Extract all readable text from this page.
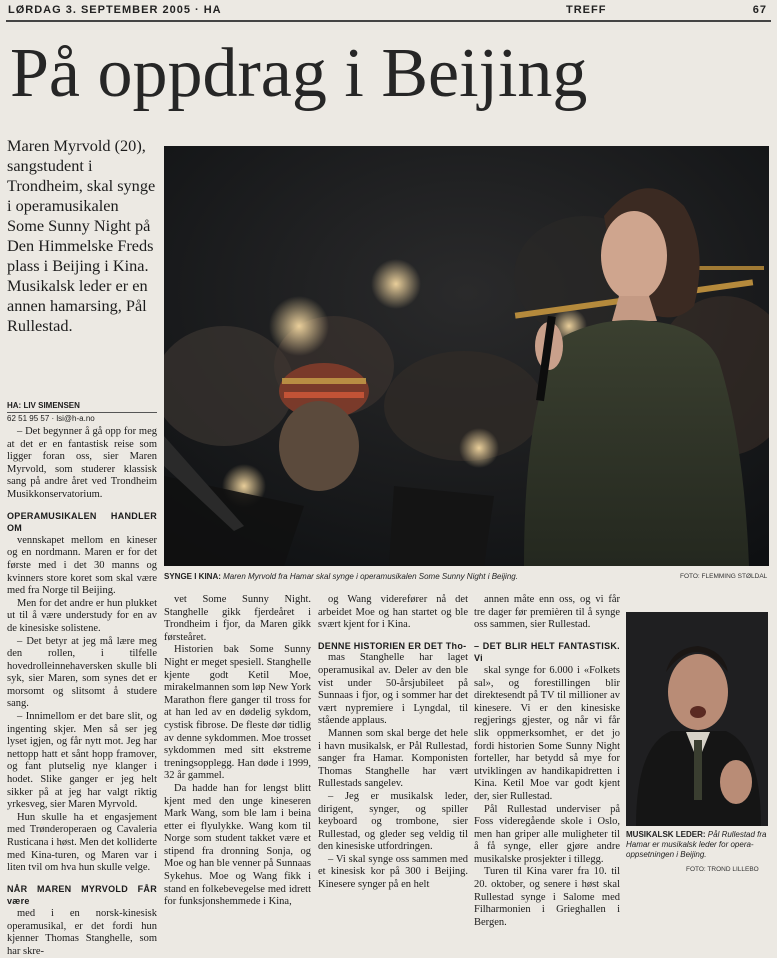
LØRDAG 3. SEPTEMBER 2005 · HA	TREFF	67
På oppdrag i Beijing
Maren Myrvold (20), sangstudent i Trondheim, skal synge i operamusikalen Some Sunny Night på Den Himmelske Freds plass i Beijing i Kina. Musikalsk leder er en annen hamarsing, Pål Rullestad.
HA: LIV SIMENSEN
62 51 95 57 · lsi@h-a.no

– Det begynner å gå opp for meg at det er en fantastisk reise som ligger foran oss, sier Maren Myrvold, som studerer klassisk sang på andre året ved Trondheim Musikkonservatorium.

OPERAMUSIKALEN HANDLER OM

vennskapet mellom en kineser og en nordmann. Maren er for det første med i det 30 manns og kvinners store koret som skal være med fra Norge til Beijing.

Men for det andre er hun plukket ut til å være understudy for en av de kinesiske solistene.

– Det betyr at jeg må lære meg den rollen, i tilfelle hovedrolleinnehaversken skulle bli syk, sier Maren, som synes det er morsomt og slitsomt å studere sang.

– Innimellom er det bare slit, og ingenting skjer. Men så ser jeg lyset igjen, og får nytt mot. Jeg har nettopp hatt et sånt hopp framover, og fant plutselig nye klanger i hodet. Slike ganger er jeg helt sikker på at jeg har valgt riktig yrkesveg, sier Maren Myrvold.

Hun skulle ha et engasjement med Trønderoperaen og Cavaleria Rusticana i høst. Men det kolliderte med Kina-turen, og Maren var i liten tvil om hva hun skulle velge.

NÅR MAREN MYRVOLD FÅR være

med i en norsk-kinesisk operamusikal, er det fordi hun kjenner Thomas Stanghelle, som har skre-

SYNGE I KINA: Maren Myrvold fra Hamar skal synge i operamusikalen Some Sunny Night i Beijing.	FOTO: FLEMMING STØLDAL

vet Some Sunny Night. Stanghelle gikk fjerdeåret i Trondheim i fjor, da Maren gikk førsteåret.

Historien bak Some Sunny Night er meget spesiell. Stanghelle kjente godt Ketil Moe, mirakelmannen som løp New York Marathon flere ganger til tross for at han led av en dødelig sykdom, cystisk fibrose. De fleste dør tidlig av denne sykdommen. Moe trosset sykdommen med sitt ekstreme treningsopplegg. Han døde i 1999, 32 år gammel.

Da hadde han for lengst blitt kjent med den unge kineseren Mark Wang, som ble lam i beina etter ei flyulykke. Wang kom til Norge som student takket være et stipend fra dronning Sonja, og Moe og han ble venner på Sunnaas Sykehus. Moe og Wang fikk i stand en folkebevegelse med idrett for funksjonshemmede i Kina,

og Wang viderefører nå det arbeidet Moe og han startet og ble svært kjent for i Kina.

DENNE HISTORIEN ER DET Tho-

mas Stanghelle har laget operamusikal av. Deler av den ble vist under 50-årsjubileet på Sunnaas i fjor, og i sommer har det vært nypremiere i Lyngdal, til stående applaus.

Mannen som skal berge det hele i havn musikalsk, er Pål Rullestad, sanger fra Hamar. Komponisten Thomas Stanghelle har vært Rullestads sangelev.

– Jeg er musikalsk leder, dirigent, synger, og spiller keyboard og trombone, sier Rullestad, og gleder seg veldig til den kinesiske utfordringen.

– Vi skal synge oss sammen med et kinesisk kor på 300 i Beijing. Kinesere synger på en helt

annen måte enn oss, og vi får tre dager før premièren til å synge oss sammen, sier Rullestad.

– DET BLIR HELT FANTASTISK. Vi

skal synge for 6.000 i «Folkets sal», og forestillingen blir direktesendt på TV til millioner av kinesere. Vi er den kinesiske regjerings gjester, og når vi får slik oppmerksomhet, er det jo fordi historien Some Sunny Night forteller, har betydd så mye for utviklingen av handikapidretten i Kina. Ketil Moe var godt kjent der, sier Rullestad.

Pål Rullestad underviser på Foss videregående skole i Oslo, men han griper alle muligheter til å få synge, eller gjøre andre musikalske prosjekter i tillegg.

Turen til Kina varer fra 10. til 20. oktober, og senere i høst skal Rullestad synge i Salome med Filharmonien i Grieghallen i Bergen.

MUSIKALSK LEDER: Pål Rullestad fra
Hamar er musikalsk leder for opera-
oppsetningen i Beijing.
FOTO: TROND LILLEBO
